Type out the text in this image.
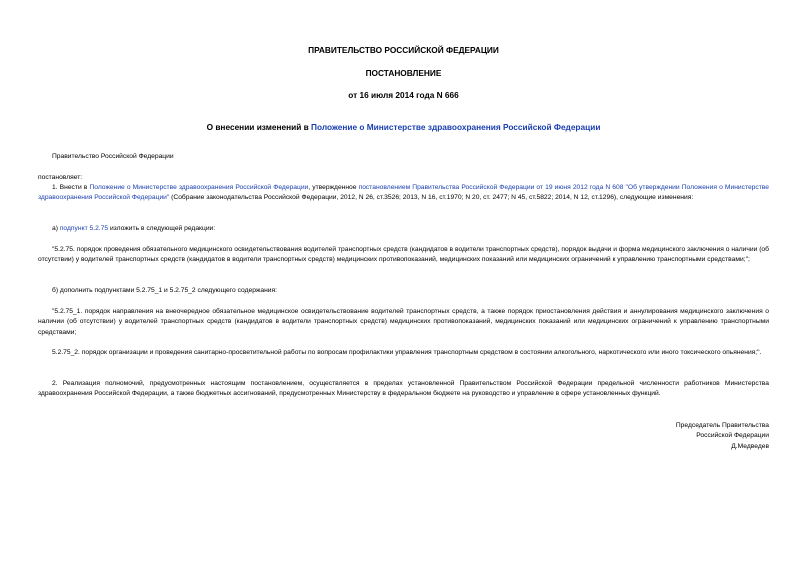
ПРАВИТЕЛЬСТВО РОССИЙСКОЙ ФЕДЕРАЦИИ
ПОСТАНОВЛЕНИЕ
от 16 июля 2014 года N 666
О внесении изменений в Положение о Министерстве здравоохранения Российской Федерации
Правительство Российской Федерации
постановляет:
1. Внести в Положение о Министерстве здравоохранения Российской Федерации, утвержденное постановлением Правительства Российской Федерации от 19 июня 2012 года N 608 "Об утверждении Положения о Министерстве здравоохранения Российской Федерации" (Собрание законодательства Российской Федерации, 2012, N 26, ст.3526; 2013, N 16, ст.1970; N 20, ст. 2477; N 45, ст.5822; 2014, N 12, ст.1296), следующие изменения:
а) подпункт 5.2.75 изложить в следующей редакции:
"5.2.75. порядок проведения обязательного медицинского освидетельствования водителей транспортных средств (кандидатов в водители транспортных средств), порядок выдачи и форма медицинского заключения о наличии (об отсутствии) у водителей транспортных средств (кандидатов в водители транспортных средств) медицинских противопоказаний, медицинских показаний или медицинских ограничений к управлению транспортными средствами;";
б) дополнить подпунктами 5.2.75_1 и 5.2.75_2 следующего содержания:
"5.2.75_1. порядок направления на внеочередное обязательное медицинское освидетельствование водителей транспортных средств, а также порядок приостановления действия и аннулирования медицинского заключения о наличии (об отсутствии) у водителей транспортных средств (кандидатов в водители транспортных средств) медицинских противопоказаний, медицинских показаний или медицинских ограничений к управлению транспортными средствами;
5.2.75_2. порядок организации и проведения санитарно-просветительной работы по вопросам профилактики управления транспортным средством в состоянии алкогольного, наркотического или иного токсического опьянения;".
2. Реализация полномочий, предусмотренных настоящим постановлением, осуществляется в пределах установленной Правительством Российской Федерации предельной численности работников Министерства здравоохранения Российской Федерации, а также бюджетных ассигнований, предусмотренных Министерству в федеральном бюджете на руководство и управление в сфере установленных функций.
Председатель Правительства
Российской Федерации
Д.Медведев
